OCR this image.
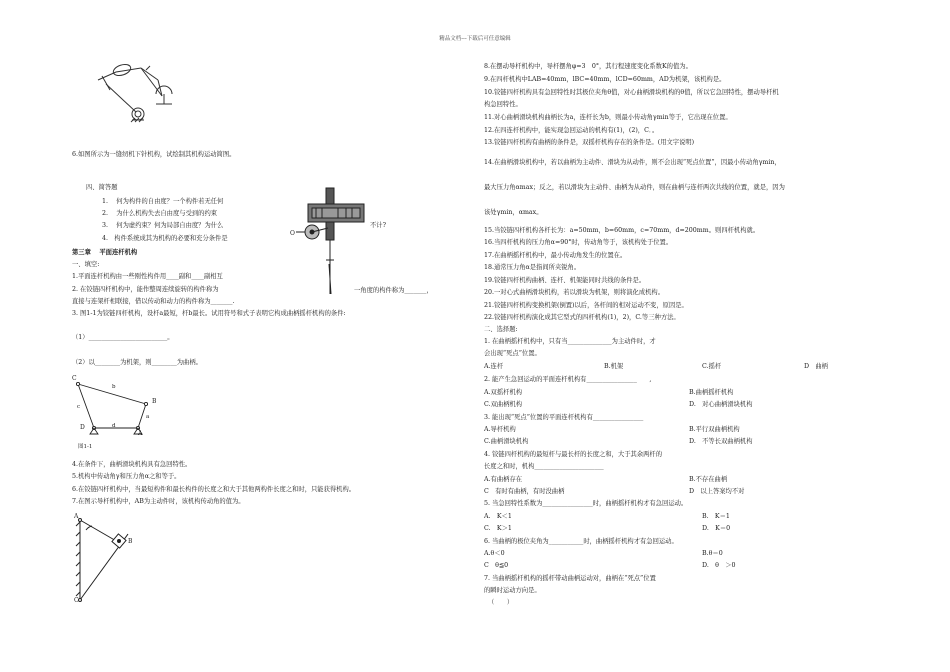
精品文档---下载后可任意编辑
6.如图所示为一缝纫机下针机构，试绘制其机构运动简图。
四、简答题
1.　 何为构件的自由度？一个构件若无任何
2.　 为什么机构失去自由度与受到的约束
不计?
3.　 何为虚约束？何为局部自由度？为什么
4.　构件系统成其为机构的必要和充分条件是
O
第三章　 平面连杆机构
一、填空:
1.平面连杆机构由一些刚性构件用____副和____副相互
2. 在铰链四杆机构中，能作整周连续旋转的构件称为	一角度的构件称为_______，
直接与连架杆相联接，借以传动和动力的构件称为_______.
3. 图1-1为铰链四杆机构，设杆a最短，杆b最长。试用符号和式子表明它构成曲柄摇杆机构的条件:
（1）_________________________。
（2）以________为机架，则________为曲柄。
C
B
D
A
b
c
d
a
图1-1
4.在条件下，曲柄滑块机构具有急回特性。
5.机构中传动角γ和压力角α之和等于。
6.在铰链四杆机构中，当最短构件和最长构件的长度之和大于其他两构件长度之和时，只能获得机构。
7.在图示导杆机构中，AB为主动件时，该机构传动角的值为。
A
B
C
8.在摆动导杆机构中，导杆摆角φ=3　0°，其行程速度变化系数K的值为。
9.在四杆机构中LAB=40mm，lBC=40mm，lCD=60mm，AD为机架，该机构是。
10.铰链四杆机构具有急回特性时其极位夹角θ值，对心曲柄滑块机构的θ值，所以它急回特性，摆动导杆机
构急回特性。
11.对心曲柄滑块机构曲柄长为a，连杆长为b，则最小传动角γmin等于，它出现在位置。
12.在四连杆机构中，能实现急回运动的机构有(1)，(2)，C．。
13.铰链四杆机构有曲柄的条件是，双摇杆机构存在的条件是。(用文字说明)
14.在曲柄滑块机构中，若以曲柄为主动件、滑块为从动件，则不会出现“死点位置”，因最小传动角γmin，
最大压力角αmax；反之，若以滑块为主动件、曲柄为从动件，则在曲柄与连杆两次共线的位置，就是，因为
该处γmin，αmax。
15.当铰链四杆机构各杆长为：a=50mm，b=60mm，c=70mm，d=200mm。则四杆机构就。
16.当四杆机构的压力角α=90°时，传动角等于，该机构处于位置。
17.在曲柄摇杆机构中，最小传动角发生的位置在。
18.通常压力角α是指间所夹锐角。
19.铰链四杆机构曲柄、连杆、机架能同时共线的条件是。
20.一对心式曲柄滑块机构，若以滑块为机架，则将演化成机构。
21.铰链四杆机构变换机架(倒置)以后，各杆间的相对运动不变，原因是。
22.铰链四杆机构演化成其它型式的四杆机构(1)，2)，C.等三种方法。
二、选择题:
1. 在曲柄摇杆机构中，只有当______________为主动件时，才
会出现“死点”位置。
A.连杆	B.机架	C.摇杆	D　曲柄
2. 能产生急回运动的平面连杆机构有________________　　,
A.双摇杆机构	B.曲柄摇杆机构
C.双曲柄机构	D.　对心曲柄滑块机构
3. 能出现“死点”位置的平面连杆机构有________________
A.导杆机构	B.平行双曲柄机构
C.曲柄滑块机构	D.　不等长双曲柄机构
4. 铰链四杆机构的最短杆与最长杆的长度之和，大于其余两杆的
长度之和时，机构______________________
A.有曲柄存在	B.不存在曲柄
C　有时有曲柄，有时没曲柄	D　以上答案均不对
5. 当急回特性系数为________________时，曲柄摇杆机构才有急回运动。
A.　K＜1	B.　K＝1
C.　K＞1	D.　K＝0
6. 当曲柄的极位夹角为___________时，曲柄摇杆机构才有急回运动。
A.θ＜0	B.θ＝0
C　θ≦0	D.　θ　＞0
7. 当曲柄摇杆机构的摇杆带动曲柄运动对，曲柄在“死点”位置
的瞬时运动方向是。
（　　）
